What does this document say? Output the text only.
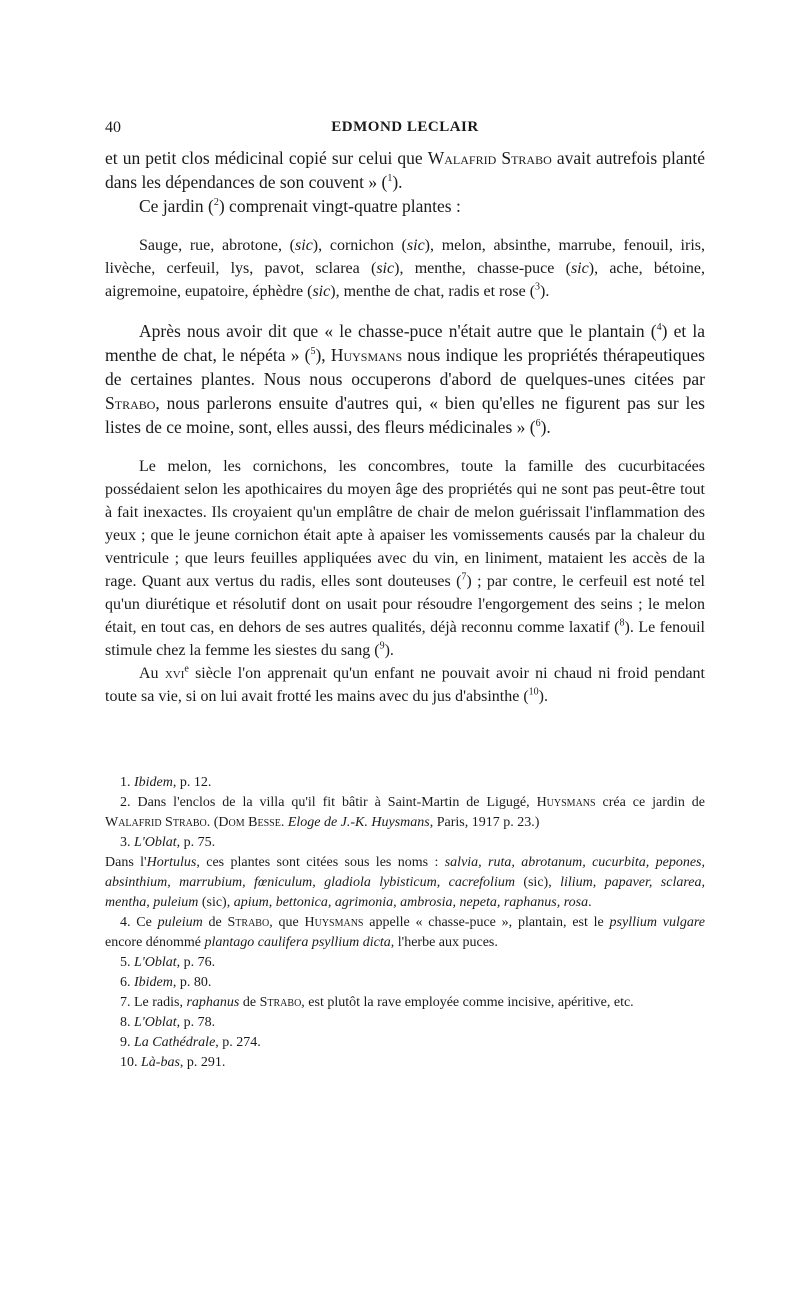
40	EDMOND LECLAIR

et un petit clos médicinal copié sur celui que Walafrid Strabo avait autrefois planté dans les dépendances de son couvent » ($^1$).

Ce jardin ($^2$) comprenait vingt-quatre plantes :

Sauge, rue, abrotone, (sic), cornichon (sic), melon, absinthe, marrube, fenouil, iris, livèche, cerfeuil, lys, pavot, sclarea (sic), menthe, chasse-puce (sic), ache, bétoine, aigremoine, eupatoire, éphèdre (sic), menthe de chat, radis et rose ($^3$).

Après nous avoir dit que « le chasse-puce n'était autre que le plantain ($^4$) et la menthe de chat, le népéta » ($^5$), Huysmans nous indique les propriétés thérapeutiques de certaines plantes. Nous nous occuperons d'abord de quelques-unes citées par Strabo, nous parlerons ensuite d'autres qui, « bien qu'elles ne figurent pas sur les listes de ce moine, sont, elles aussi, des fleurs médicinales » ($^6$).

Le melon, les cornichons, les concombres, toute la famille des cucurbitacées possédaient selon les apothicaires du moyen âge des propriétés qui ne sont pas peut-être tout à fait inexactes. Ils croyaient qu'un emplâtre de chair de melon guérissait l'inflammation des yeux ; que le jeune cornichon était apte à apaiser les vomissements causés par la chaleur du ventricule ; que leurs feuilles appliquées avec du vin, en liniment, mataient les accès de la rage. Quant aux vertus du radis, elles sont douteuses ($^7$) ; par contre, le cerfeuil est noté tel qu'un diurétique et résolutif dont on usait pour résoudre l'engorgement des seins ; le melon était, en tout cas, en dehors de ses autres qualités, déjà reconnu comme laxatif ($^8$). Le fenouil stimule chez la femme les siestes du sang ($^9$).

Au xvi$^e$ siècle l'on apprenait qu'un enfant ne pouvait avoir ni chaud ni froid pendant toute sa vie, si on lui avait frotté les mains avec du jus d'absinthe ($^{10}$).

1. Ibidem, p. 12.

2. Dans l'enclos de la villa qu'il fit bâtir à Saint-Martin de Ligugé, Huysmans créa ce jardin de Walafrid Strabo. (Dom Besse. Eloge de J.-K. Huysmans, Paris, 1917 p. 23.)

3. L'Oblat, p. 75.

Dans l'Hortulus, ces plantes sont citées sous les noms : salvia, ruta, abrotanum, cucurbita, pepones, absinthium, marrubium, fœniculum, gladiola lybisticum, cacrefolium (sic), lilium, papaver, sclarea, mentha, puleium (sic), apium, bettonica, agrimonia, ambrosia, nepeta, raphanus, rosa.

4. Ce puleium de Strabo, que Huysmans appelle « chasse-puce », plantain, est le psyllium vulgare encore dénommé plantago caulifera psyllium dicta, l'herbe aux puces.

5. L'Oblat, p. 76.

6. Ibidem, p. 80.

7. Le radis, raphanus de Strabo, est plutôt la rave employée comme incisive, apéritive, etc.

8. L'Oblat, p. 78.

9. La Cathédrale, p. 274.

10. Là-bas, p. 291.
